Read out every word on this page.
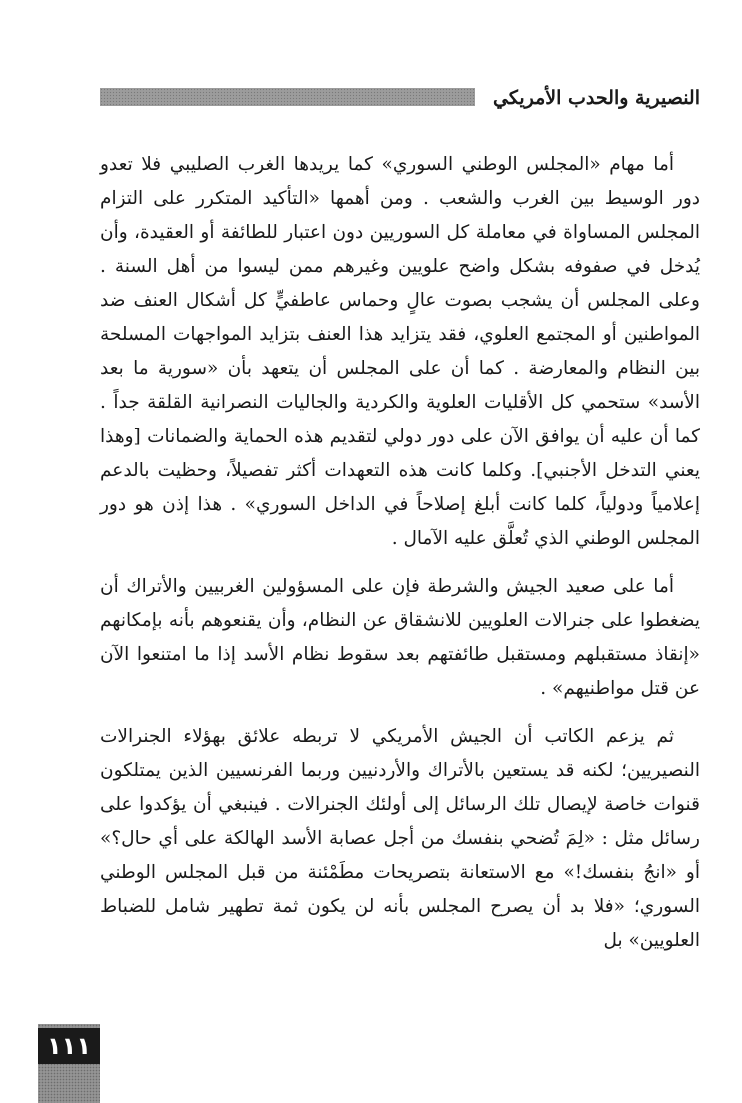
النصيرية والحدب الأمريكي

أما مهام «المجلس الوطني السوري» كما يريدها الغرب الصليبي فلا تعدو دور الوسيط بين الغرب والشعب . ومن أهمها «التأكيد المتكرر على التزام المجلس المساواة في معاملة كل السوريين دون اعتبار للطائفة أو العقيدة، وأن يُدخل في صفوفه بشكل واضح علويين وغيرهم ممن ليسوا من أهل السنة . وعلى المجلس أن يشجب بصوت عالٍ وحماس عاطفيٍّ كل أشكال العنف ضد المواطنين أو المجتمع العلوي، فقد يتزايد هذا العنف بتزايد المواجهات المسلحة بين النظام والمعارضة . كما أن على المجلس أن يتعهد بأن «سورية ما بعد الأسد» ستحمي كل الأقليات العلوية والكردية والجاليات النصرانية القلقة جداً . كما أن عليه أن يوافق الآن على دور دولي لتقديم هذه الحماية والضمانات [وهذا يعني التدخل الأجنبي]. وكلما كانت هذه التعهدات أكثر تفصيلاً، وحظيت بالدعم إعلامياً ودولياً، كلما كانت أبلغ إصلاحاً في الداخل السوري» . هذا إذن هو دور المجلس الوطني الذي تُعلَّق عليه الآمال .

أما على صعيد الجيش والشرطة فإن على المسؤولين الغربيين والأتراك أن يضغطوا على جنرالات العلويين للانشقاق عن النظام، وأن يقنعوهم بأنه بإمكانهم «إنقاذ مستقبلهم ومستقبل طائفتهم بعد سقوط نظام الأسد إذا ما امتنعوا الآن عن قتل مواطنيهم» .

ثم يزعم الكاتب أن الجيش الأمريكي لا تربطه علائق بهؤلاء الجنرالات النصيريين؛ لكنه قد يستعين بالأتراك والأردنيين وربما الفرنسيين الذين يمتلكون قنوات خاصة لإيصال تلك الرسائل إلى أولئك الجنرالات . فينبغي أن يؤكدوا على رسائل مثل : «لِمَ تُضحي بنفسك من أجل عصابة الأسد الهالكة على أي حال؟» أو «انجُ بنفسك!» مع الاستعانة بتصريحات مطَمْئنة من قبل المجلس الوطني السوري؛ «فلا بد أن يصرح المجلس بأنه لن يكون ثمة تطهير شامل للضباط العلويين» بل

١١١
